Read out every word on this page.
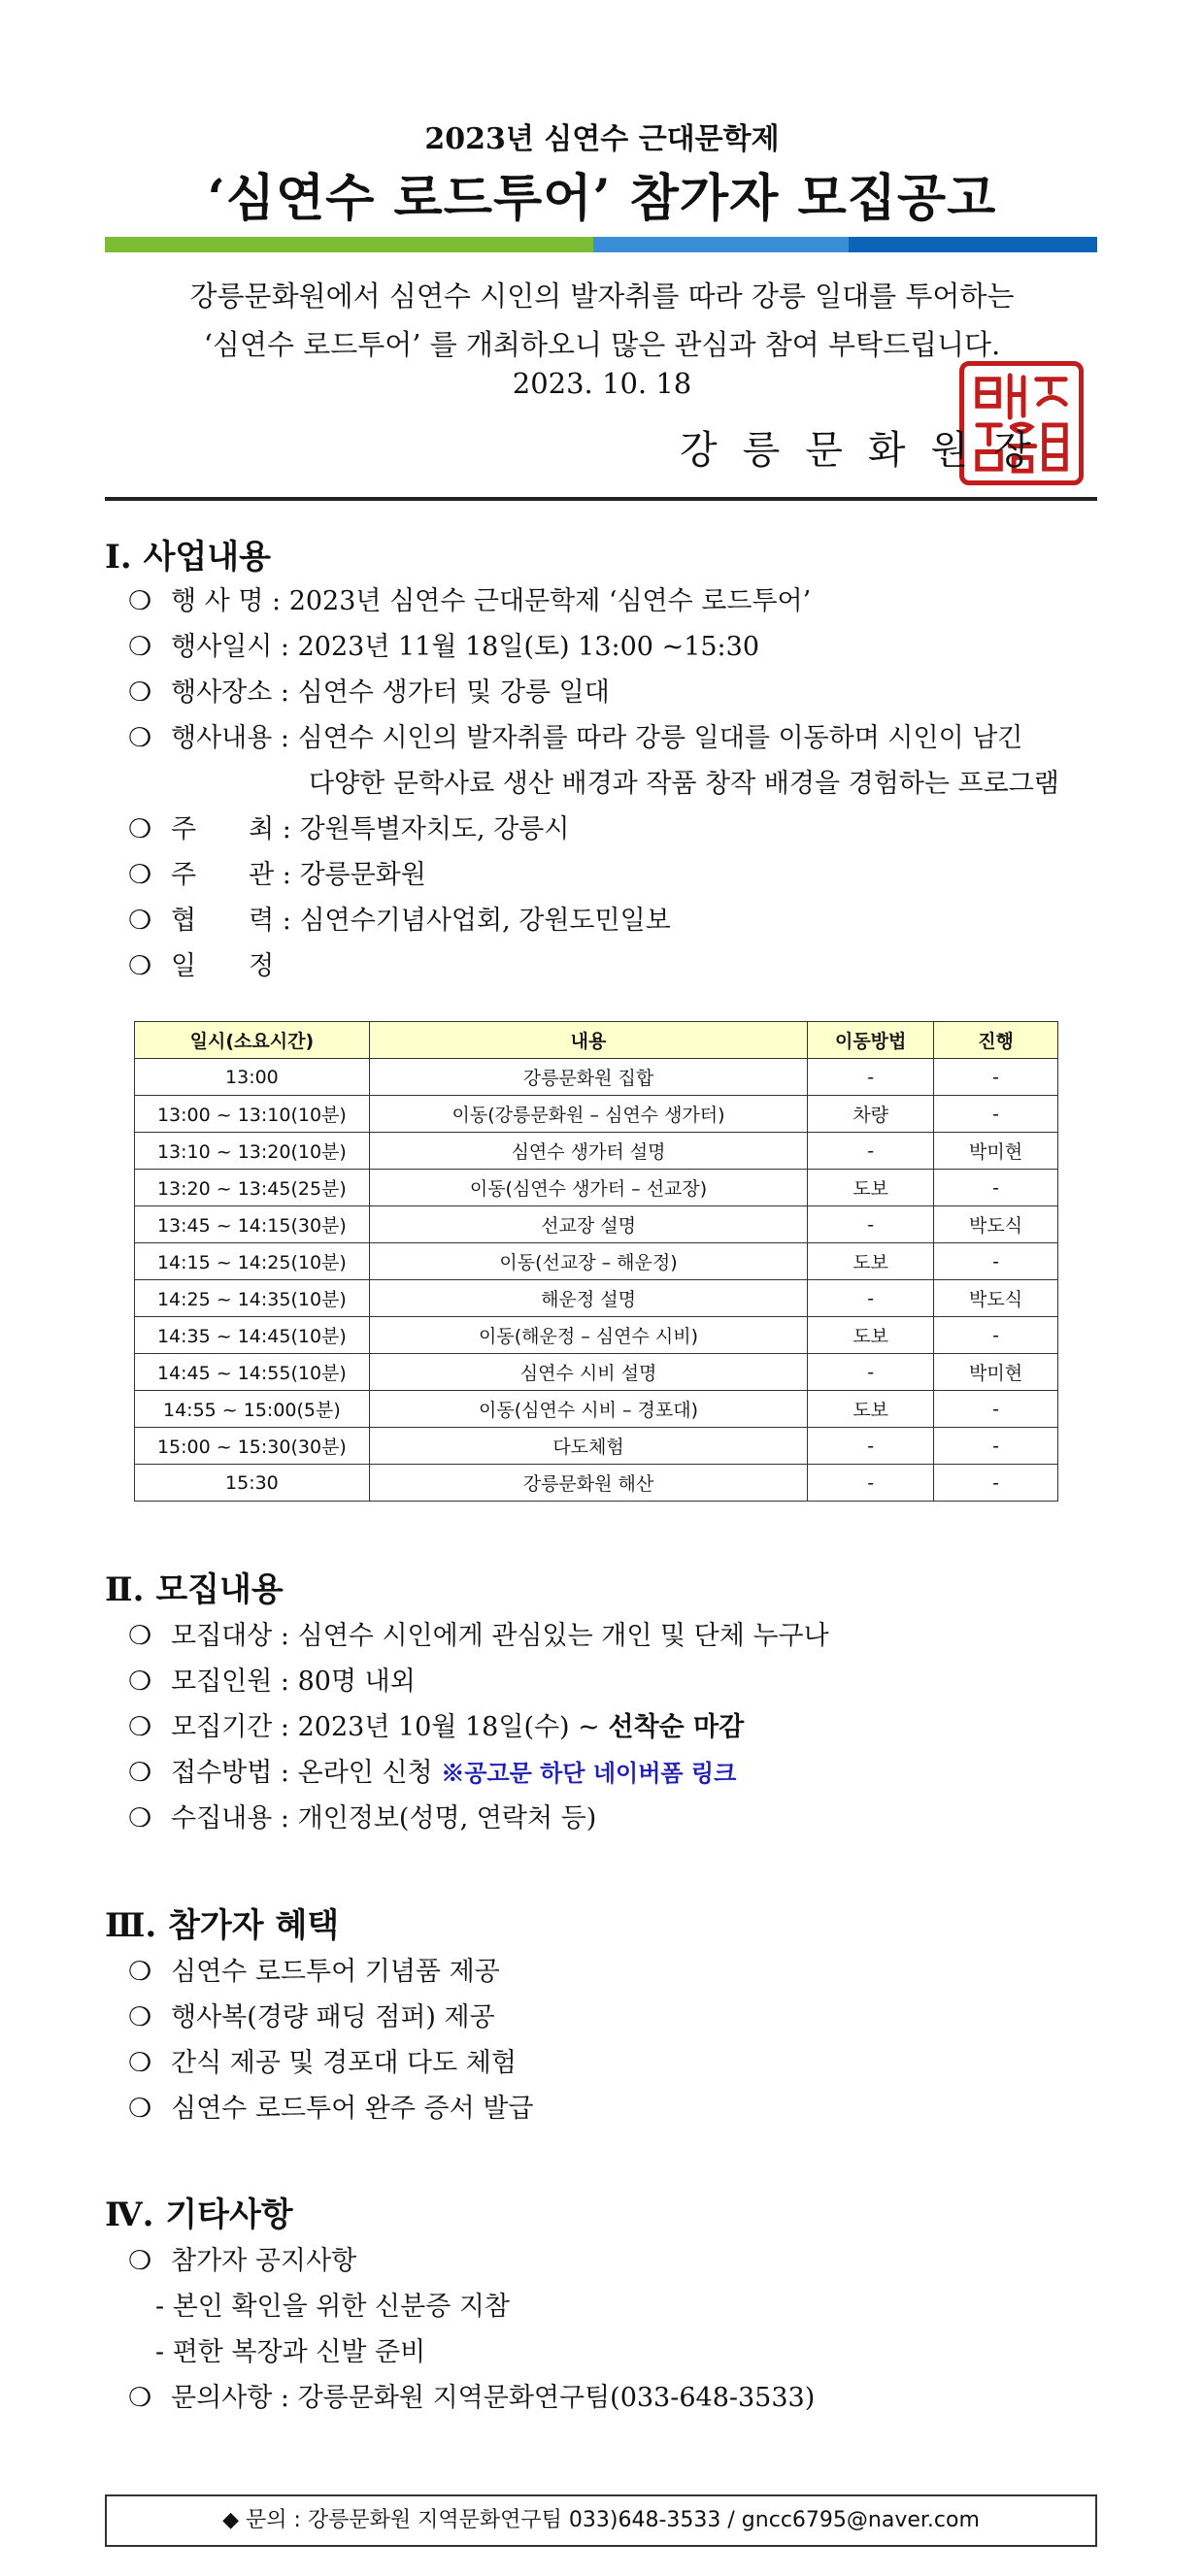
2023년 심연수 근대문학제
‘심연수 로드투어’ 참가자 모집공고
강릉문화원에서 심연수 시인의 발자취를 따라 강릉 일대를 투어하는
‘심연수 로드투어’ 를 개최하오니 많은 관심과 참여 부탁드립니다.
2023. 10. 18
강릉문화원장
Ⅰ. 사업내용
❍ 행 사 명 : 2023년 심연수 근대문학제 ‘심연수 로드투어’
❍ 행사일시 : 2023년 11월 18일(토) 13:00 ~15:30
❍ 행사장소 : 심연수 생가터 및 강릉 일대
❍ 행사내용 : 심연수 시인의 발자취를 따라 강릉 일대를 이동하며 시인이 남긴
다양한 문학사료 생산 배경과 작품 창작 배경을 경험하는 프로그램
❍ 주　　최 : 강원특별자치도, 강릉시
❍ 주　　관 : 강릉문화원
❍ 협　　력 : 심연수기념사업회, 강원도민일보
❍ 일　　정
일시(소요시간)	내용	이동방법	진행
13:00	강릉문화원 집합	-	-
13:00 ~ 13:10(10분)	이동(강릉문화원 – 심연수 생가터)	차량	-
13:10 ~ 13:20(10분)	심연수 생가터 설명	-	박미현
13:20 ~ 13:45(25분)	이동(심연수 생가터 – 선교장)	도보	-
13:45 ~ 14:15(30분)	선교장 설명	-	박도식
14:15 ~ 14:25(10분)	이동(선교장 – 해운정)	도보	-
14:25 ~ 14:35(10분)	해운정 설명	-	박도식
14:35 ~ 14:45(10분)	이동(해운정 – 심연수 시비)	도보	-
14:45 ~ 14:55(10분)	심연수 시비 설명	-	박미현
14:55 ~ 15:00(5분)	이동(심연수 시비 – 경포대)	도보	-
15:00 ~ 15:30(30분)	다도체험	-	-
15:30	강릉문화원 해산	-	-
Ⅱ. 모집내용
❍ 모집대상 : 심연수 시인에게 관심있는 개인 및 단체 누구나
❍ 모집인원 : 80명 내외
❍ 모집기간 : 2023년 10월 18일(수) ~ 선착순 마감
❍ 접수방법 : 온라인 신청 ※공고문 하단 네이버폼 링크
❍ 수집내용 : 개인정보(성명, 연락처 등)
Ⅲ. 참가자 혜택
❍ 심연수 로드투어 기념품 제공
❍ 행사복(경량 패딩 점퍼) 제공
❍ 간식 제공 및 경포대 다도 체험
❍ 심연수 로드투어 완주 증서 발급
Ⅳ. 기타사항
❍ 참가자 공지사항
- 본인 확인을 위한 신분증 지참
- 편한 복장과 신발 준비
❍ 문의사항 : 강릉문화원 지역문화연구팀(033-648-3533)
◆ 문의 : 강릉문화원 지역문화연구팀 033)648-3533 / gncc6795@naver.com
